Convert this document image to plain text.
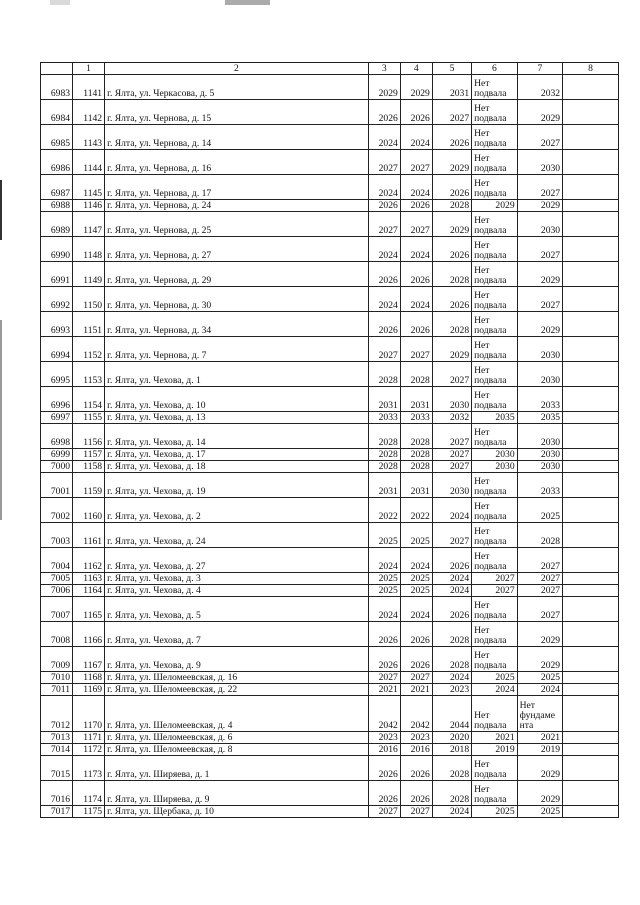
	1	2	3	4	5	6	7	8
6983	1141	г. Ялта, ул. Черкасова, д. 5	2029	2029	2031	Нет
подвала	2032	

6984	1142	г. Ялта, ул. Чернова, д. 15	2026	2026	2027	Нет
подвала	2029	

6985	1143	г. Ялта, ул. Чернова, д. 14	2024	2024	2026	Нет
подвала	2027	

6986	1144	г. Ялта, ул. Чернова, д. 16	2027	2027	2029	Нет
подвала	2030	

6987	1145	г. Ялта, ул. Чернова, д. 17	2024	2024	2026	Нет
подвала	2027	

6988	1146	г. Ялта, ул. Чернова, д. 24	2026	2026	2028	2029	2029	

6989	1147	г. Ялта, ул. Чернова, д. 25	2027	2027	2029	Нет
подвала	2030	

6990	1148	г. Ялта, ул. Чернова, д. 27	2024	2024	2026	Нет
подвала	2027	

6991	1149	г. Ялта, ул. Чернова, д. 29	2026	2026	2028	Нет
подвала	2029	

6992	1150	г. Ялта, ул. Чернова, д. 30	2024	2024	2026	Нет
подвала	2027	

6993	1151	г. Ялта, ул. Чернова, д. 34	2026	2026	2028	Нет
подвала	2029	

6994	1152	г. Ялта, ул. Чернова, д. 7	2027	2027	2029	Нет
подвала	2030	

6995	1153	г. Ялта, ул. Чехова, д. 1	2028	2028	2027	Нет
подвала	2030	

6996	1154	г. Ялта, ул. Чехова, д. 10	2031	2031	2030	Нет
подвала	2033	

6997	1155	г. Ялта, ул. Чехова, д. 13	2033	2033	2032	2035	2035	

6998	1156	г. Ялта, ул. Чехова, д. 14	2028	2028	2027	Нет
подвала	2030	

6999	1157	г. Ялта, ул. Чехова, д. 17	2028	2028	2027	2030	2030	

7000	1158	г. Ялта, ул. Чехова, д. 18	2028	2028	2027	2030	2030	

7001	1159	г. Ялта, ул. Чехова, д. 19	2031	2031	2030	Нет
подвала	2033	

7002	1160	г. Ялта, ул. Чехова, д. 2	2022	2022	2024	Нет
подвала	2025	

7003	1161	г. Ялта, ул. Чехова, д. 24	2025	2025	2027	Нет
подвала	2028	

7004	1162	г. Ялта, ул. Чехова, д. 27	2024	2024	2026	Нет
подвала	2027	

7005	1163	г. Ялта, ул. Чехова, д. 3	2025	2025	2024	2027	2027	

7006	1164	г. Ялта, ул. Чехова, д. 4	2025	2025	2024	2027	2027	

7007	1165	г. Ялта, ул. Чехова, д. 5	2024	2024	2026	Нет
подвала	2027	

7008	1166	г. Ялта, ул. Чехова, д. 7	2026	2026	2028	Нет
подвала	2029	

7009	1167	г. Ялта, ул. Чехова, д. 9	2026	2026	2028	Нет
подвала	2029	

7010	1168	г. Ялта, ул. Шеломеевская, д. 16	2027	2027	2024	2025	2025	

7011	1169	г. Ялта, ул. Шеломеевская, д. 22	2021	2021	2023	2024	2024	

7012	1170	г. Ялта, ул. Шеломеевская, д. 4	2042	2042	2044	Нет
подвала	Нет
фундаме
нта	

7013	1171	г. Ялта, ул. Шеломеевская, д. 6	2023	2023	2020	2021	2021	

7014	1172	г. Ялта, ул. Шеломеевская, д. 8	2016	2016	2018	2019	2019	

7015	1173	г. Ялта, ул. Ширяева, д. 1	2026	2026	2028	Нет
подвала	2029	

7016	1174	г. Ялта, ул. Ширяева, д. 9	2026	2026	2028	Нет
подвала	2029	

7017	1175	г. Ялта, ул. Щербака, д. 10	2027	2027	2024	2025	2025	
